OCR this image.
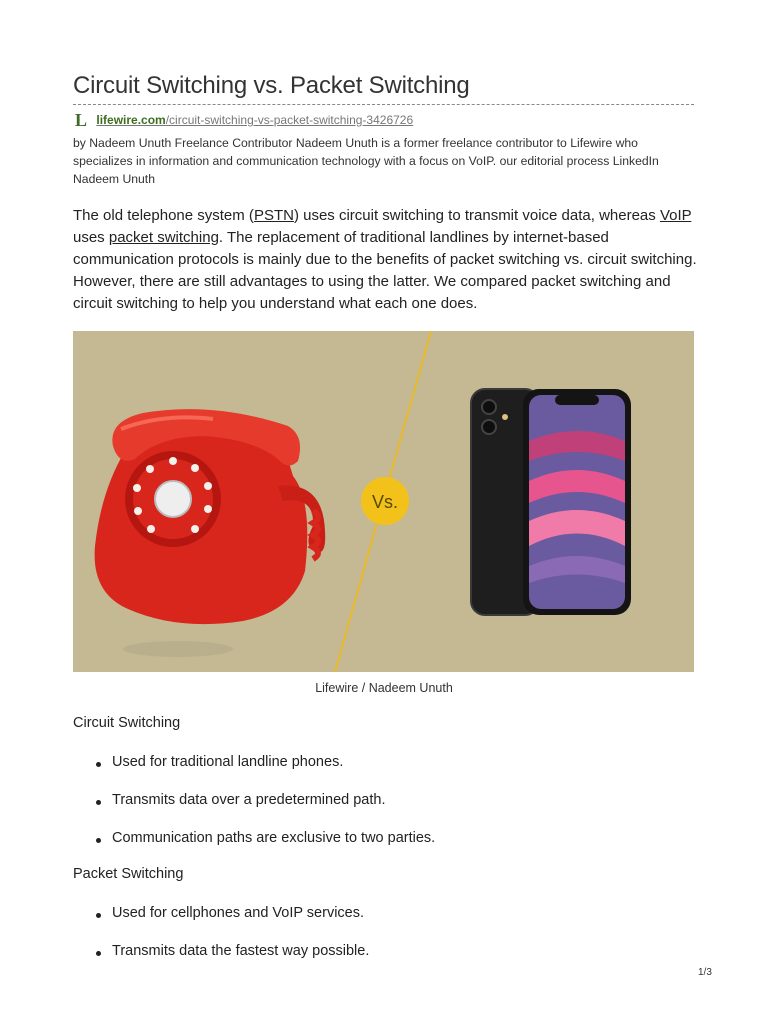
Circuit Switching vs. Packet Switching
L lifewire.com/circuit-switching-vs-packet-switching-3426726
by Nadeem Unuth Freelance Contributor Nadeem Unuth is a former freelance contributor to Lifewire who specializes in information and communication technology with a focus on VoIP. our editorial process LinkedIn Nadeem Unuth

The old telephone system (PSTN) uses circuit switching to transmit voice data, whereas VoIP uses packet switching. The replacement of traditional landlines by internet-based communication protocols is mainly due to the benefits of packet switching vs. circuit switching. However, there are still advantages to using the latter. We compared packet switching and circuit switching to help you understand what each one does.

Vs.
Lifewire / Nadeem Unuth
Circuit Switching
Used for traditional landline phones.
Transmits data over a predetermined path.
Communication paths are exclusive to two parties.
Packet Switching
Used for cellphones and VoIP services.
Transmits data the fastest way possible.
1/3
